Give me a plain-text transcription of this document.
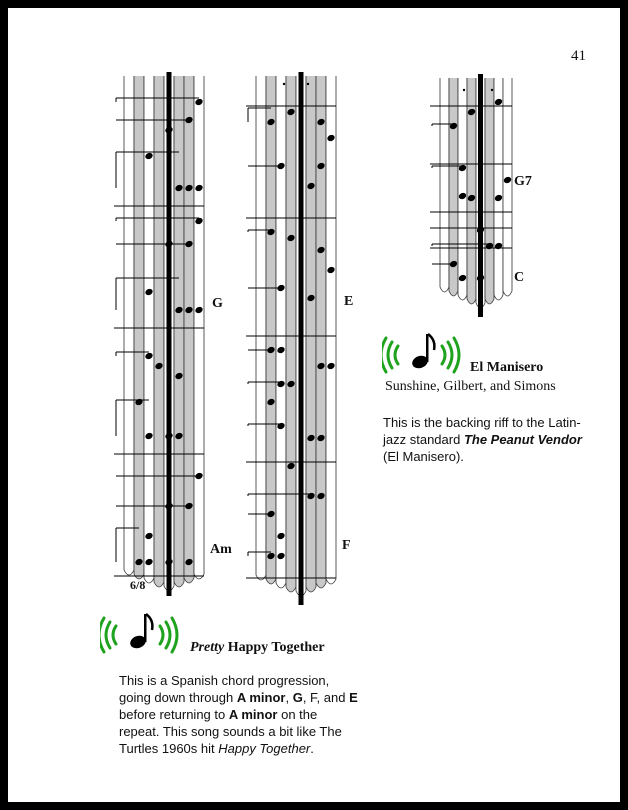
41
G
Am
6/8
E
F
G7
C
Pretty Happy Together
This is a Spanish chord progression, going down through A minor, G, F, and E before returning to A minor on the repeat. This song sounds a bit like The Turtles 1960s hit Happy Together.
El Manisero
Sunshine, Gilbert, and Simons
This is the backing riff to the Latin-jazz standard The Peanut Vendor (El Manisero).
